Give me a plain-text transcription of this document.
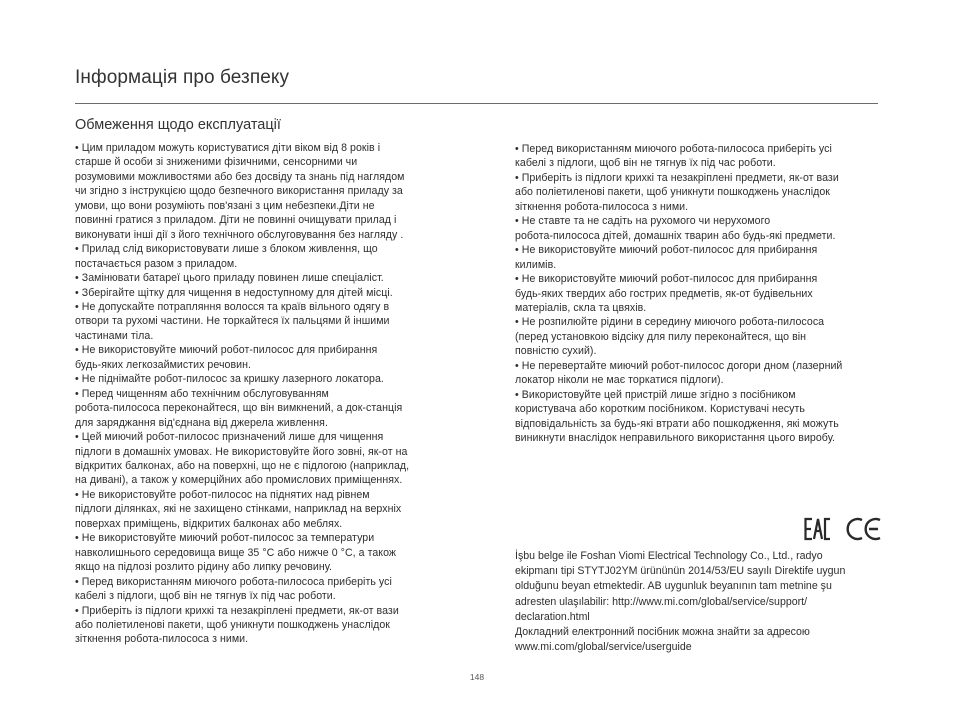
Інформація про безпеку
Обмеження щодо експлуатації

• Цим приладом можуть користуватися діти віком від 8 років і

старше й особи зі зниженими фізичними, сенсорними чи

розумовими можливостями або без досвіду та знань під наглядом

чи згідно з інструкцією щодо безпечного використання приладу за

умови, що вони розуміють пов'язані з цим небезпеки.Діти не

повинні гратися з приладом. Діти не повинні очищувати прилад і

виконувати інші дії з його технічного обслуговування без нагляду .

• Прилад слід використовувати лише з блоком живлення, що

постачається разом з приладом.

• Замінювати батареї цього приладу повинен лише спеціаліст.

• Зберігайте щітку для чищення в недоступному для дітей місці.

• Не допускайте потрапляння волосся та країв вільного одягу в

отвори та рухомі частини. Не торкайтеся їх пальцями й іншими

частинами тіла.

• Не використовуйте миючий робот-пилосос для прибирання

будь-яких легкозаймистих речовин.

• Не піднімайте робот-пилосос за кришку лазерного локатора.

• Перед чищенням або технічним обслуговуванням

робота-пилососа переконайтеся, що він вимкнений, а док-станція

для заряджання від'єднана від джерела живлення.

• Цей миючий робот-пилосос призначений лише для чищення

підлоги в домашніх умовах. Не використовуйте його зовні, як-от на

відкритих балконах, або на поверхні, що не є підлогою (наприклад,

на дивані), а також у комерційних або промислових приміщеннях.

• Не використовуйте робот-пилосос на піднятих над рівнем

підлоги ділянках, які не захищено стінками, наприклад на верхніх

поверхах приміщень, відкритих балконах або меблях.

• Не використовуйте миючий робот-пилосос за температури

навколишнього середовища вище 35 °C або нижче 0 °C, а також

якщо на підлозі розлито рідину або липку речовину.

• Перед використанням миючого робота-пилососа приберіть усі

кабелі з підлоги, щоб він не тягнув їх під час роботи.

• Приберіть із підлоги крихкі та незакріплені предмети, як-от вази

або поліетиленові пакети, щоб уникнути пошкоджень унаслідок

зіткнення робота-пилососа з ними.

• Перед використанням миючого робота-пилососа приберіть усі

кабелі з підлоги, щоб він не тягнув їх під час роботи.

• Приберіть із підлоги крихкі та незакріплені предмети, як-от вази

або поліетиленові пакети, щоб уникнути пошкоджень унаслідок

зіткнення робота-пилососа з ними.

• Не ставте та не садіть на рухомого чи нерухомого

робота-пилососа дітей, домашніх тварин або будь-які предмети.

• Не використовуйте миючий робот-пилосос для прибирання

килимів.

• Не використовуйте миючий робот-пилосос для прибирання

будь-яких твердих або гострих предметів, як-от будівельних

матеріалів, скла та цвяхів.

• Не розпилюйте рідини в середину миючого робота-пилососа

(перед установкою відсіку для пилу переконайтеся, що він

повністю сухий).

• Не перевертайте миючий робот-пилосос догори дном (лазерний

локатор ніколи не має торкатися підлоги).

• Використовуйте цей пристрій лише згідно з посібником

користувача або коротким посібником. Користувачі несуть

відповідальність за будь-які втрати або пошкодження, які можуть

виникнути внаслідок неправильного використання цього виробу.

İşbu belge ile Foshan Viomi Electrical Technology Co., Ltd., radyo

ekipmanı tipi STYTJ02YM ürününün 2014/53/EU sayılı Direktife uygun

olduğunu beyan etmektedir. AB uygunluk beyanının tam metnine şu

adresten ulaşılabilir: http://www.mi.com/global/service/support/

declaration.html

Докладний електронний посібник можна знайти за адресою

www.mi.com/global/service/userguide

148
